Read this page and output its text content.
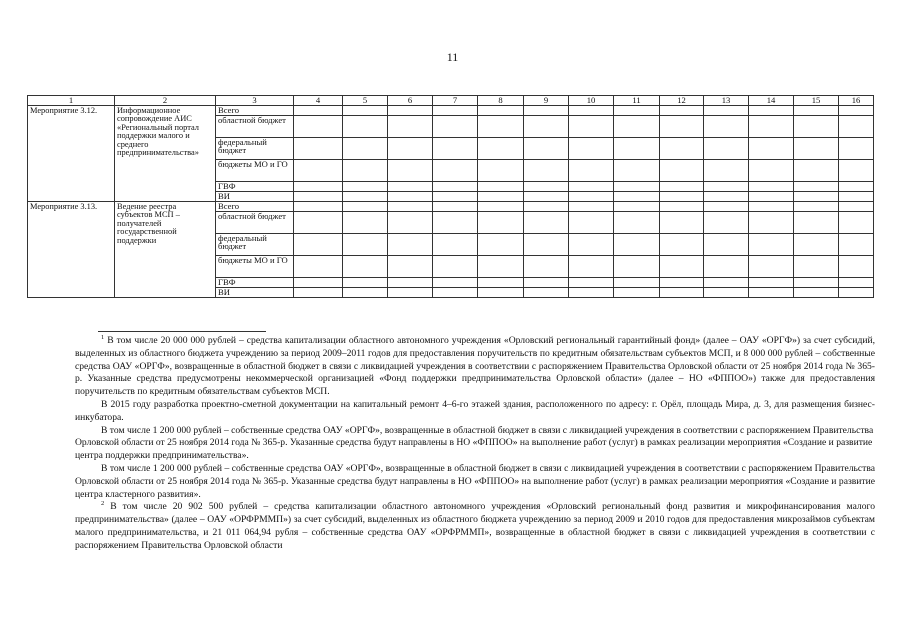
11
1	2	3	4	5	6	7	8	9	10	11	12	13	14	15	16
Мероприятие 3.12.	Информационное сопровождение АИС «Региональный портал поддержки малого и среднего предпринимательства»	Всего													
		областной бюджет													
		федеральный бюджет													
		бюджеты МО и ГО													
		ГВФ													
		ВИ													
Мероприятие 3.13.	Ведение реестра субъектов МСП – получателей государственной поддержки	Всего													
		областной бюджет													
		федеральный бюджет													
		бюджеты МО и ГО													
		ГВФ													
		ВИ													

$^1$ В том числе 20 000 000 рублей – средства капитализации областного автономного учреждения «Орловский региональный гарантийный фонд» (далее – ОАУ «ОРГФ») за счет субсидий, выделенных из областного бюджета учреждению за период 2009–2011 годов для предоставления поручительств по кредитным обязательствам субъектов МСП, и 8 000 000 рублей – собственные средства ОАУ «ОРГФ», возвращенные в областной бюджет в связи с ликвидацией учреждения в соответствии с распоряжением Правительства Орловской области от 25 ноября 2014 года № 365-р. Указанные средства предусмотрены некоммерческой организацией «Фонд поддержки предпринимательства Орловской области» (далее – НО «ФППОО») также для предоставления поручительств по кредитным обязательствам субъектов МСП.

В 2015 году разработка проектно-сметной документации на капитальный ремонт 4–6-го этажей здания, расположенного по адресу: г. Орёл, площадь Мира, д. 3, для размещения бизнес-инкубатора.

В том числе 1 200 000 рублей – собственные средства ОАУ «ОРГФ», возвращенные в областной бюджет в связи с ликвидацией учреждения в соответствии с распоряжением Правительства Орловской области от 25 ноября 2014 года № 365-р. Указанные средства будут направлены в НО «ФППОО» на выполнение работ (услуг) в рамках реализации мероприятия «Создание и развитие центра поддержки предпринимательства».

В том числе 1 200 000 рублей – собственные средства ОАУ «ОРГФ», возвращенные в областной бюджет в связи с ликвидацией учреждения в соответствии с распоряжением Правительства Орловской области от 25 ноября 2014 года № 365-р. Указанные средства будут направлены в НО «ФППОО» на выполнение работ (услуг) в рамках реализации мероприятия «Создание и развитие центра кластерного развития».

$^2$ В том числе 20 902 500 рублей – средства капитализации областного автономного учреждения «Орловский региональный фонд развития и микрофинансирования малого предпринимательства» (далее – ОАУ «ОРФРММП») за счет субсидий, выделенных из областного бюджета учреждению за период 2009 и 2010 годов для предоставления микрозаймов субъектам малого предпринимательства, и 21 011 064,94 рубля – собственные средства ОАУ «ОРФРММП», возвращенные в областной бюджет в связи с ликвидацией учреждения в соответствии с распоряжением Правительства Орловской области
